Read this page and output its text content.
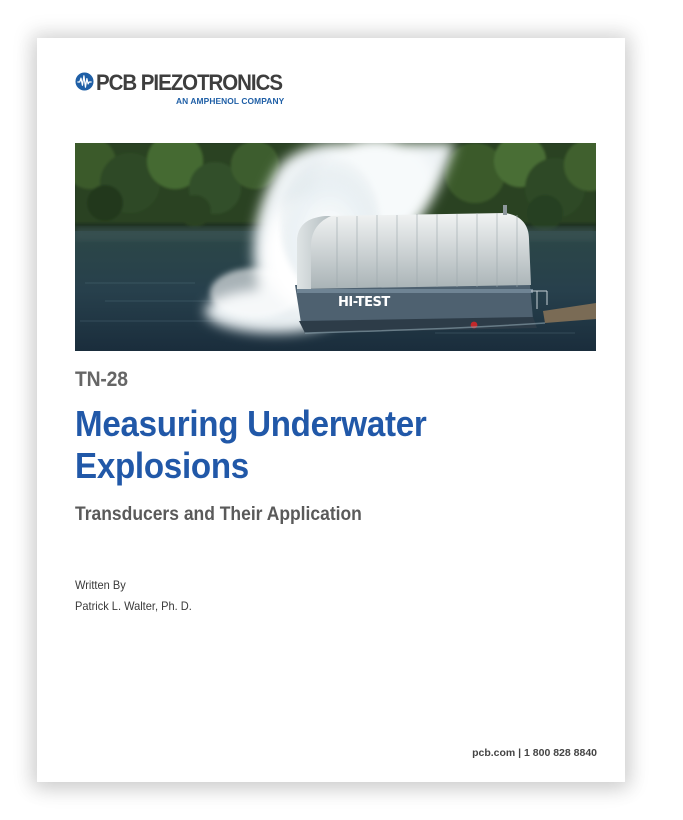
PCB PIEZOTRONICS
AN AMPHENOL COMPANY
HI-TEST
TN-28
Measuring Underwater
Explosions
Transducers and Their Application
Written By
Patrick L. Walter, Ph. D.
pcb.com | 1 800 828 8840
